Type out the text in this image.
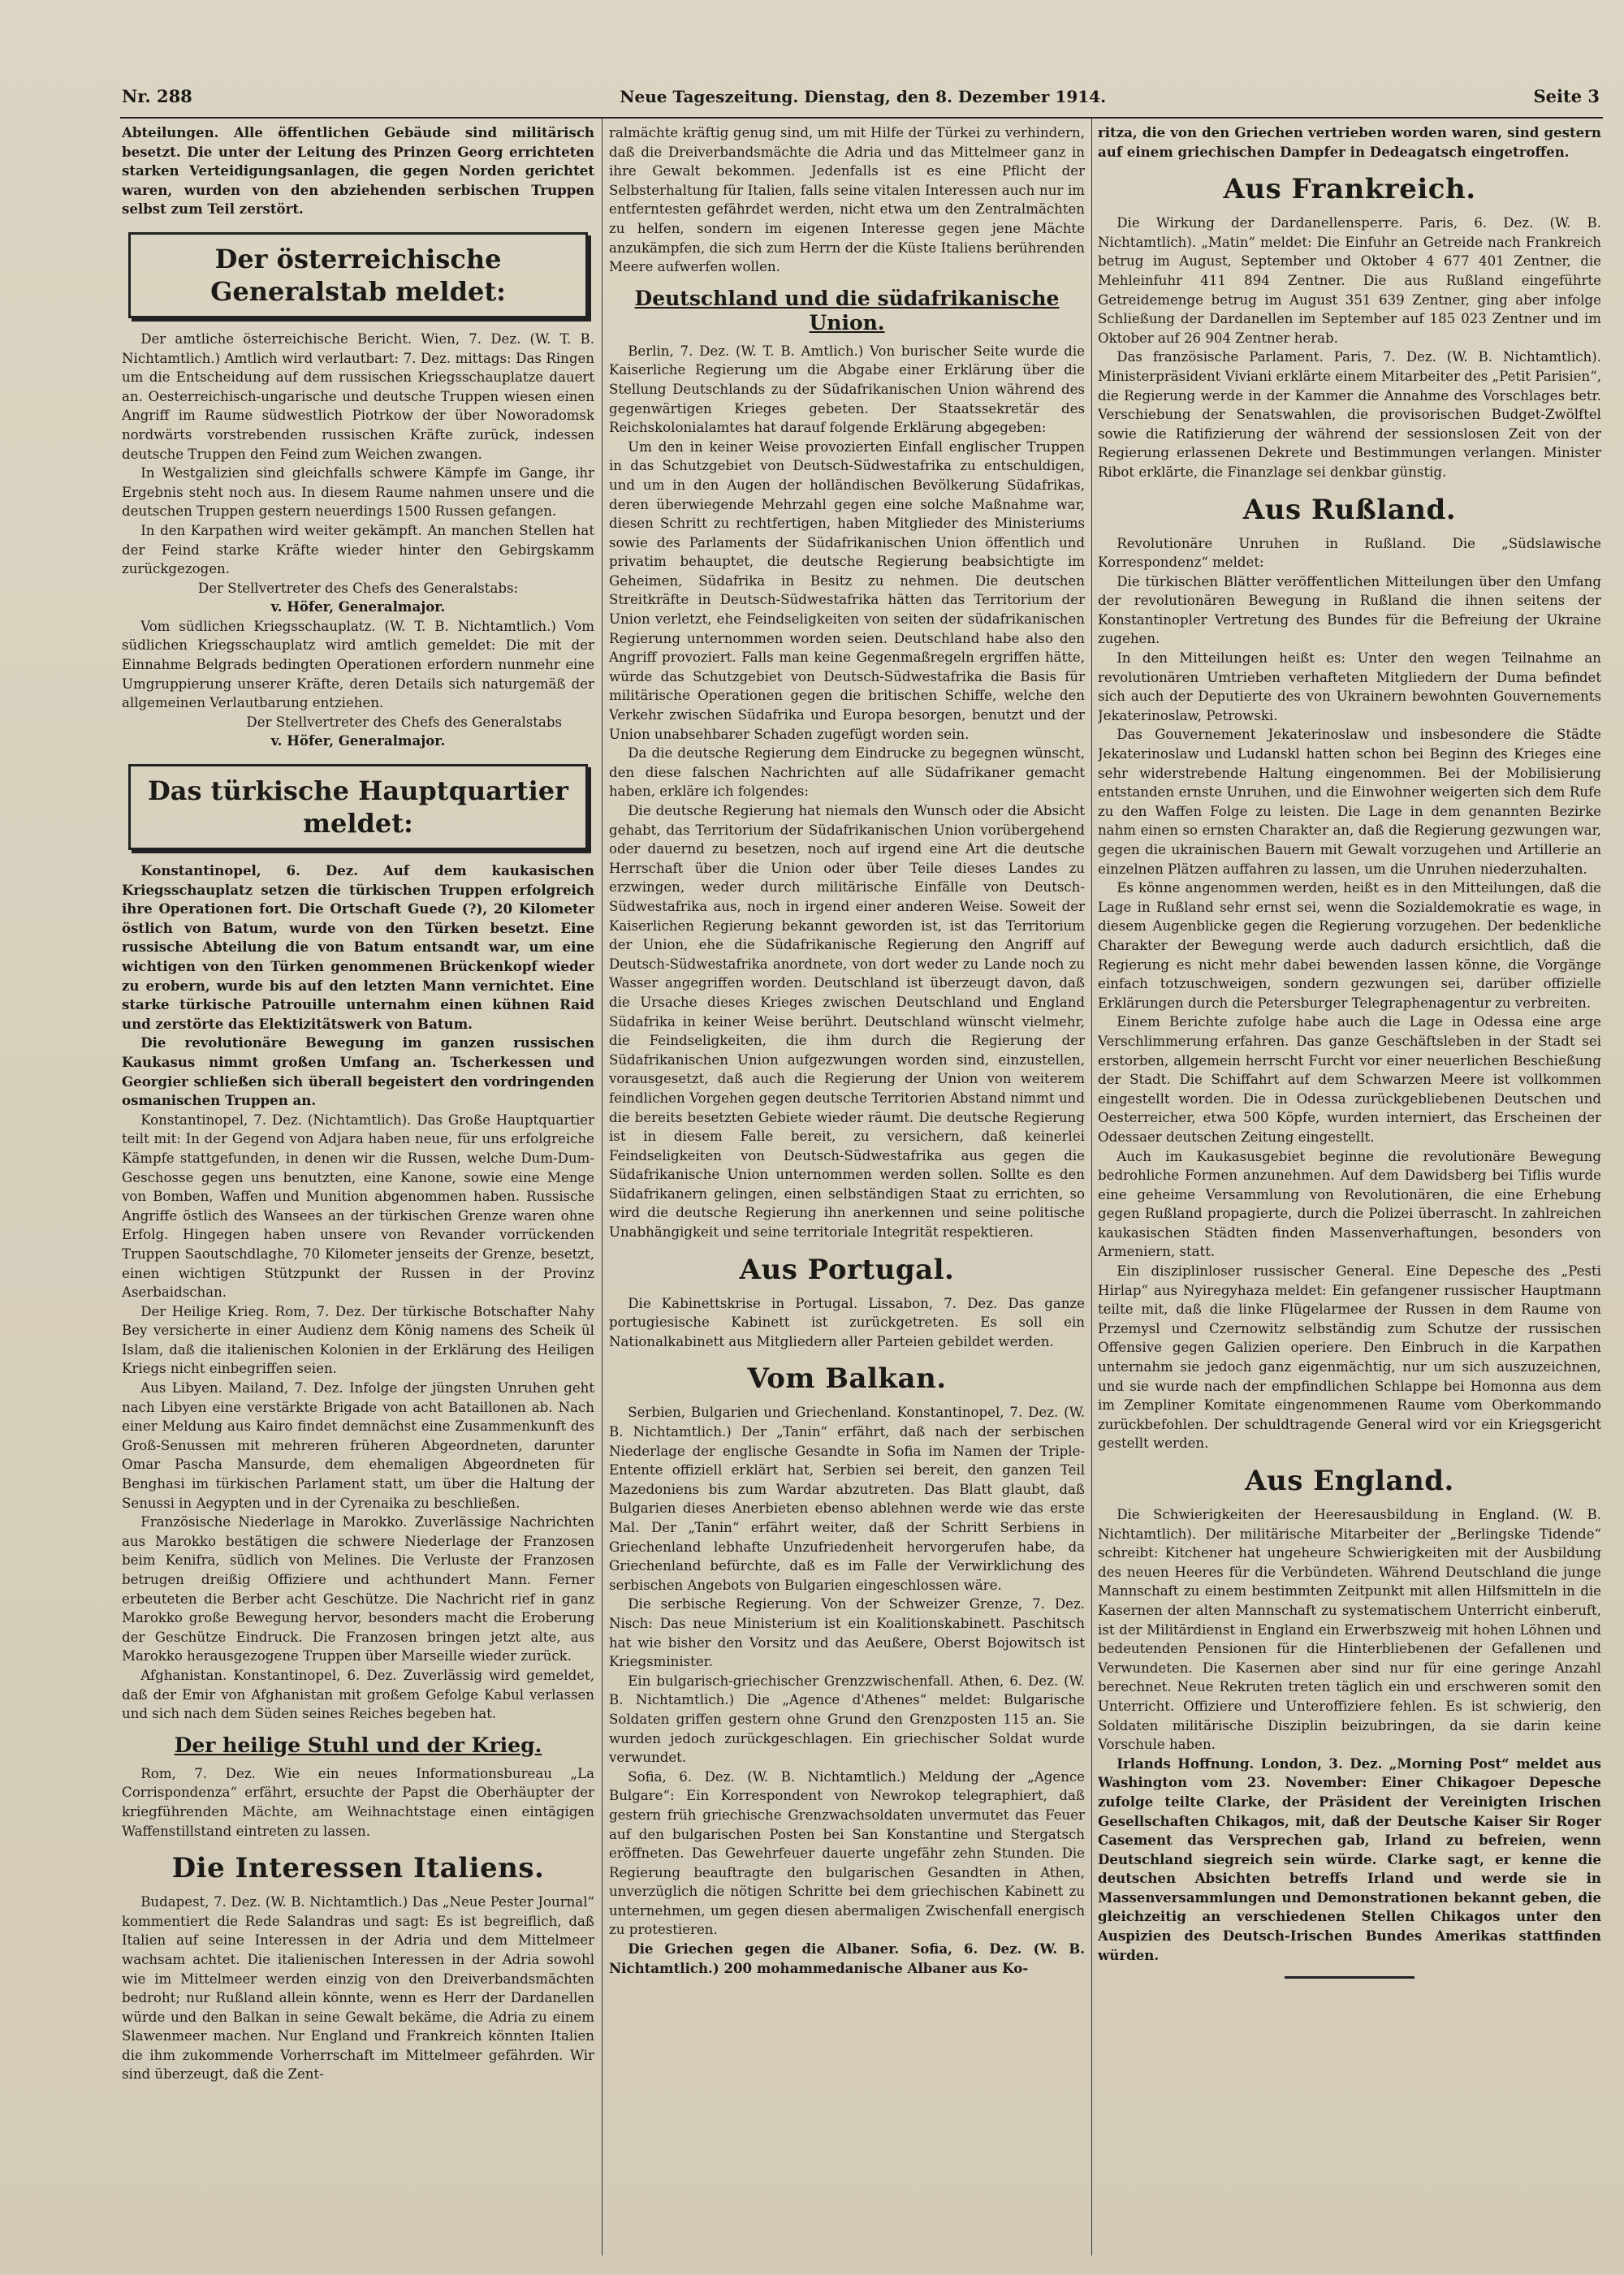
Nr. 288	Neue Tageszeitung. Dienstag, den 8. Dezember 1914.	Seite 3

Abteilungen. Alle öffentlichen Gebäude sind militärisch besetzt. Die unter der Leitung des Prinzen Georg errichteten starken Verteidigungsanlagen, die gegen Norden gerichtet waren, wurden von den abziehenden serbischen Truppen selbst zum Teil zerstört.

Der österreichische Generalstab meldet:

Der amtliche österreichische Bericht. Wien, 7. Dez. (W. T. B. Nichtamtlich.) Amtlich wird verlautbart: 7. Dez. mittags: Das Ringen um die Entscheidung auf dem russischen Kriegsschauplatze dauert an. Oesterreichisch-ungarische und deutsche Truppen wiesen einen Angriff im Raume südwestlich Piotrkow der über Noworadomsk nordwärts vorstrebenden russischen Kräfte zurück, indessen deutsche Truppen den Feind zum Weichen zwangen.

In Westgalizien sind gleichfalls schwere Kämpfe im Gange, ihr Ergebnis steht noch aus. In diesem Raume nahmen unsere und die deutschen Truppen gestern neuerdings 1500 Russen gefangen.

In den Karpathen wird weiter gekämpft. An manchen Stellen hat der Feind starke Kräfte wieder hinter den Gebirgskamm zurückgezogen.

Der Stellvertreter des Chefs des Generalstabs:

v. Höfer, Generalmajor.

Vom südlichen Kriegsschauplatz. (W. T. B. Nichtamtlich.) Vom südlichen Kriegsschauplatz wird amtlich gemeldet: Die mit der Einnahme Belgrads bedingten Operationen erfordern nunmehr eine Umgruppierung unserer Kräfte, deren Details sich naturgemäß der allgemeinen Verlautbarung entziehen.

Der Stellvertreter des Chefs des Generalstabs

v. Höfer, Generalmajor.

Das türkische Hauptquartier meldet:

Konstantinopel, 6. Dez. Auf dem kaukasischen Kriegsschauplatz setzen die türkischen Truppen erfolgreich ihre Operationen fort. Die Ortschaft Guede (?), 20 Kilometer östlich von Batum, wurde von den Türken besetzt. Eine russische Abteilung die von Batum entsandt war, um eine wichtigen von den Türken genommenen Brückenkopf wieder zu erobern, wurde bis auf den letzten Mann vernichtet. Eine starke türkische Patrouille unternahm einen kühnen Raid und zerstörte das Elektizitätswerk von Batum.

Die revolutionäre Bewegung im ganzen russischen Kaukasus nimmt großen Umfang an. Tscherkessen und Georgier schließen sich überall begeistert den vordringenden osmanischen Truppen an.

Konstantinopel, 7. Dez. (Nichtamtlich). Das Große Hauptquartier teilt mit: In der Gegend von Adjara haben neue, für uns erfolgreiche Kämpfe stattgefunden, in denen wir die Russen, welche Dum-Dum-Geschosse gegen uns benutzten, eine Kanone, sowie eine Menge von Bomben, Waffen und Munition abgenommen haben. Russische Angriffe östlich des Wansees an der türkischen Grenze waren ohne Erfolg. Hingegen haben unsere von Revander vorrückenden Truppen Saoutschdlaghe, 70 Kilometer jenseits der Grenze, besetzt, einen wichtigen Stützpunkt der Russen in der Provinz Aserbaidschan.

Der Heilige Krieg. Rom, 7. Dez. Der türkische Botschafter Nahy Bey versicherte in einer Audienz dem König namens des Scheik ül Islam, daß die italienischen Kolonien in der Erklärung des Heiligen Kriegs nicht einbegriffen seien.

Aus Libyen. Mailand, 7. Dez. Infolge der jüngsten Unruhen geht nach Libyen eine verstärkte Brigade von acht Bataillonen ab. Nach einer Meldung aus Kairo findet demnächst eine Zusammenkunft des Groß-Senussen mit mehreren früheren Abgeordneten, darunter Omar Pascha Mansurde, dem ehemaligen Abgeordneten für Benghasi im türkischen Parlament statt, um über die Haltung der Senussi in Aegypten und in der Cyrenaika zu beschließen.

Französische Niederlage in Marokko. Zuverlässige Nachrichten aus Marokko bestätigen die schwere Niederlage der Franzosen beim Kenifra, südlich von Melines. Die Verluste der Franzosen betrugen dreißig Offiziere und achthundert Mann. Ferner erbeuteten die Berber acht Geschütze. Die Nachricht rief in ganz Marokko große Bewegung hervor, besonders macht die Eroberung der Geschütze Eindruck. Die Franzosen bringen jetzt alte, aus Marokko herausgezogene Truppen über Marseille wieder zurück.

Afghanistan. Konstantinopel, 6. Dez. Zuverlässig wird gemeldet, daß der Emir von Afghanistan mit großem Gefolge Kabul verlassen und sich nach dem Süden seines Reiches begeben hat.

Der heilige Stuhl und der Krieg.

Rom, 7. Dez. Wie ein neues Informationsbureau „La Corrispondenza“ erfährt, ersuchte der Papst die Oberhäupter der kriegführenden Mächte, am Weihnachtstage einen eintägigen Waffenstillstand eintreten zu lassen.

Die Interessen Italiens.

Budapest, 7. Dez. (W. B. Nichtamtlich.) Das „Neue Pester Journal“ kommentiert die Rede Salandras und sagt: Es ist begreiflich, daß Italien auf seine Interessen in der Adria und dem Mittelmeer wachsam achtet. Die italienischen Interessen in der Adria sowohl wie im Mittelmeer werden einzig von den Dreiverbandsmächten bedroht; nur Rußland allein könnte, wenn es Herr der Dardanellen würde und den Balkan in seine Gewalt bekäme, die Adria zu einem Slawenmeer machen. Nur England und Frankreich könnten Italien die ihm zukommende Vorherrschaft im Mittelmeer gefährden. Wir sind überzeugt, daß die Zent-

ralmächte kräftig genug sind, um mit Hilfe der Türkei zu verhindern, daß die Dreiverbandsmächte die Adria und das Mittelmeer ganz in ihre Gewalt bekommen. Jedenfalls ist es eine Pflicht der Selbsterhaltung für Italien, falls seine vitalen Interessen auch nur im entferntesten gefährdet werden, nicht etwa um den Zentralmächten zu helfen, sondern im eigenen Interesse gegen jene Mächte anzukämpfen, die sich zum Herrn der die Küste Italiens berührenden Meere aufwerfen wollen.

Deutschland und die südafrikanische Union.

Berlin, 7. Dez. (W. T. B. Amtlich.) Von burischer Seite wurde die Kaiserliche Regierung um die Abgabe einer Erklärung über die Stellung Deutschlands zu der Südafrikanischen Union während des gegenwärtigen Krieges gebeten. Der Staatssekretär des Reichskolonialamtes hat darauf folgende Erklärung abgegeben:

Um den in keiner Weise provozierten Einfall englischer Truppen in das Schutzgebiet von Deutsch-Südwestafrika zu entschuldigen, und um in den Augen der holländischen Bevölkerung Südafrikas, deren überwiegende Mehrzahl gegen eine solche Maßnahme war, diesen Schritt zu rechtfertigen, haben Mitglieder des Ministeriums sowie des Parlaments der Südafrikanischen Union öffentlich und privatim behauptet, die deutsche Regierung beabsichtigte im Geheimen, Südafrika in Besitz zu nehmen. Die deutschen Streitkräfte in Deutsch-Südwestafrika hätten das Territorium der Union verletzt, ehe Feindseligkeiten von seiten der südafrikanischen Regierung unternommen worden seien. Deutschland habe also den Angriff provoziert. Falls man keine Gegenmaßregeln ergriffen hätte, würde das Schutzgebiet von Deutsch-Südwestafrika die Basis für militärische Operationen gegen die britischen Schiffe, welche den Verkehr zwischen Südafrika und Europa besorgen, benutzt und der Union unabsehbarer Schaden zugefügt worden sein.

Da die deutsche Regierung dem Eindrucke zu begegnen wünscht, den diese falschen Nachrichten auf alle Südafrikaner gemacht haben, erkläre ich folgendes:

Die deutsche Regierung hat niemals den Wunsch oder die Absicht gehabt, das Territorium der Südafrikanischen Union vorübergehend oder dauernd zu besetzen, noch auf irgend eine Art die deutsche Herrschaft über die Union oder über Teile dieses Landes zu erzwingen, weder durch militärische Einfälle von Deutsch-Südwestafrika aus, noch in irgend einer anderen Weise. Soweit der Kaiserlichen Regierung bekannt geworden ist, ist das Territorium der Union, ehe die Südafrikanische Regierung den Angriff auf Deutsch-Südwestafrika anordnete, von dort weder zu Lande noch zu Wasser angegriffen worden. Deutschland ist überzeugt davon, daß die Ursache dieses Krieges zwischen Deutschland und England Südafrika in keiner Weise berührt. Deutschland wünscht vielmehr, die Feindseligkeiten, die ihm durch die Regierung der Südafrikanischen Union aufgezwungen worden sind, einzustellen, vorausgesetzt, daß auch die Regierung der Union von weiterem feindlichen Vorgehen gegen deutsche Territorien Abstand nimmt und die bereits besetzten Gebiete wieder räumt. Die deutsche Regierung ist in diesem Falle bereit, zu versichern, daß keinerlei Feindseligkeiten von Deutsch-Südwestafrika aus gegen die Südafrikanische Union unternommen werden sollen. Sollte es den Südafrikanern gelingen, einen selbständigen Staat zu errichten, so wird die deutsche Regierung ihn anerkennen und seine politische Unabhängigkeit und seine territoriale Integrität respektieren.

Aus Portugal.

Die Kabinettskrise in Portugal. Lissabon, 7. Dez. Das ganze portugiesische Kabinett ist zurückgetreten. Es soll ein Nationalkabinett aus Mitgliedern aller Parteien gebildet werden.

Vom Balkan.

Serbien, Bulgarien und Griechenland. Konstantinopel, 7. Dez. (W. B. Nichtamtlich.) Der „Tanin“ erfährt, daß nach der serbischen Niederlage der englische Gesandte in Sofia im Namen der Triple-Entente offiziell erklärt hat, Serbien sei bereit, den ganzen Teil Mazedoniens bis zum Wardar abzutreten. Das Blatt glaubt, daß Bulgarien dieses Anerbieten ebenso ablehnen werde wie das erste Mal. Der „Tanin“ erfährt weiter, daß der Schritt Serbiens in Griechenland lebhafte Unzufriedenheit hervorgerufen habe, da Griechenland befürchte, daß es im Falle der Verwirklichung des serbischen Angebots von Bulgarien eingeschlossen wäre.

Die serbische Regierung. Von der Schweizer Grenze, 7. Dez. Nisch: Das neue Ministerium ist ein Koalitionskabinett. Paschitsch hat wie bisher den Vorsitz und das Aeußere, Oberst Bojowitsch ist Kriegsminister.

Ein bulgarisch-griechischer Grenzzwischenfall. Athen, 6. Dez. (W. B. Nichtamtlich.) Die „Agence d'Athenes“ meldet: Bulgarische Soldaten griffen gestern ohne Grund den Grenzposten 115 an. Sie wurden jedoch zurückgeschlagen. Ein griechischer Soldat wurde verwundet.

Sofia, 6. Dez. (W. B. Nichtamtlich.) Meldung der „Agence Bulgare“: Ein Korrespondent von Newrokop telegraphiert, daß gestern früh griechische Grenzwachsoldaten unvermutet das Feuer auf den bulgarischen Posten bei San Konstantine und Stergatsch eröffneten. Das Gewehrfeuer dauerte ungefähr zehn Stunden. Die Regierung beauftragte den bulgarischen Gesandten in Athen, unverzüglich die nötigen Schritte bei dem griechischen Kabinett zu unternehmen, um gegen diesen abermaligen Zwischenfall energisch zu protestieren.

Die Griechen gegen die Albaner. Sofia, 6. Dez. (W. B. Nichtamtlich.) 200 mohammedanische Albaner aus Ko-

ritza, die von den Griechen vertrieben worden waren, sind gestern auf einem griechischen Dampfer in Dedeagatsch eingetroffen.

Aus Frankreich.

Die Wirkung der Dardanellensperre. Paris, 6. Dez. (W. B. Nichtamtlich). „Matin“ meldet: Die Einfuhr an Getreide nach Frankreich betrug im August, September und Oktober 4 677 401 Zentner, die Mehleinfuhr 411 894 Zentner. Die aus Rußland eingeführte Getreidemenge betrug im August 351 639 Zentner, ging aber infolge Schließung der Dardanellen im September auf 185 023 Zentner und im Oktober auf 26 904 Zentner herab.

Das französische Parlament. Paris, 7. Dez. (W. B. Nichtamtlich). Ministerpräsident Viviani erklärte einem Mitarbeiter des „Petit Parisien“, die Regierung werde in der Kammer die Annahme des Vorschlages betr. Verschiebung der Senatswahlen, die provisorischen Budget-Zwölftel sowie die Ratifizierung der während der sessionslosen Zeit von der Regierung erlassenen Dekrete und Bestimmungen verlangen. Minister Ribot erklärte, die Finanzlage sei denkbar günstig.

Aus Rußland.

Revolutionäre Unruhen in Rußland. Die „Südslawische Korrespondenz“ meldet:

Die türkischen Blätter veröffentlichen Mitteilungen über den Umfang der revolutionären Bewegung in Rußland die ihnen seitens der Konstantinopler Vertretung des Bundes für die Befreiung der Ukraine zugehen.

In den Mitteilungen heißt es: Unter den wegen Teilnahme an revolutionären Umtrieben verhafteten Mitgliedern der Duma befindet sich auch der Deputierte des von Ukrainern bewohnten Gouvernements Jekaterinoslaw, Petrowski.

Das Gouvernement Jekaterinoslaw und insbesondere die Städte Jekaterinoslaw und Ludanskl hatten schon bei Beginn des Krieges eine sehr widerstrebende Haltung eingenommen. Bei der Mobilisierung entstanden ernste Unruhen, und die Einwohner weigerten sich dem Rufe zu den Waffen Folge zu leisten. Die Lage in dem genannten Bezirke nahm einen so ernsten Charakter an, daß die Regierung gezwungen war, gegen die ukrainischen Bauern mit Gewalt vorzugehen und Artillerie an einzelnen Plätzen auffahren zu lassen, um die Unruhen niederzuhalten.

Es könne angenommen werden, heißt es in den Mitteilungen, daß die Lage in Rußland sehr ernst sei, wenn die Sozialdemokratie es wage, in diesem Augenblicke gegen die Regierung vorzugehen. Der bedenkliche Charakter der Bewegung werde auch dadurch ersichtlich, daß die Regierung es nicht mehr dabei bewenden lassen könne, die Vorgänge einfach totzuschweigen, sondern gezwungen sei, darüber offizielle Erklärungen durch die Petersburger Telegraphenagentur zu verbreiten.

Einem Berichte zufolge habe auch die Lage in Odessa eine arge Verschlimmerung erfahren. Das ganze Geschäftsleben in der Stadt sei erstorben, allgemein herrscht Furcht vor einer neuerlichen Beschießung der Stadt. Die Schiffahrt auf dem Schwarzen Meere ist vollkommen eingestellt worden. Die in Odessa zurückgebliebenen Deutschen und Oesterreicher, etwa 500 Köpfe, wurden interniert, das Erscheinen der Odessaer deutschen Zeitung eingestellt.

Auch im Kaukasusgebiet beginne die revolutionäre Bewegung bedrohliche Formen anzunehmen. Auf dem Dawidsberg bei Tiflis wurde eine geheime Versammlung von Revolutionären, die eine Erhebung gegen Rußland propagierte, durch die Polizei überrascht. In zahlreichen kaukasischen Städten finden Massenverhaftungen, besonders von Armeniern, statt.

Ein disziplinloser russischer General. Eine Depesche des „Pesti Hirlap“ aus Nyiregyhaza meldet: Ein gefangener russischer Hauptmann teilte mit, daß die linke Flügelarmee der Russen in dem Raume von Przemysl und Czernowitz selbständig zum Schutze der russischen Offensive gegen Galizien operiere. Den Einbruch in die Karpathen unternahm sie jedoch ganz eigenmächtig, nur um sich auszuzeichnen, und sie wurde nach der empfindlichen Schlappe bei Homonna aus dem im Zempliner Komitate eingenommenen Raume vom Oberkommando zurückbefohlen. Der schuldtragende General wird vor ein Kriegsgericht gestellt werden.

Aus England.

Die Schwierigkeiten der Heeresausbildung in England. (W. B. Nichtamtlich). Der militärische Mitarbeiter der „Berlingske Tidende“ schreibt: Kitchener hat ungeheure Schwierigkeiten mit der Ausbildung des neuen Heeres für die Verbündeten. Während Deutschland die junge Mannschaft zu einem bestimmten Zeitpunkt mit allen Hilfsmitteln in die Kasernen der alten Mannschaft zu systematischem Unterricht einberuft, ist der Militärdienst in England ein Erwerbszweig mit hohen Löhnen und bedeutenden Pensionen für die Hinterbliebenen der Gefallenen und Verwundeten. Die Kasernen aber sind nur für eine geringe Anzahl berechnet. Neue Rekruten treten täglich ein und erschweren somit den Unterricht. Offiziere und Unteroffiziere fehlen. Es ist schwierig, den Soldaten militärische Disziplin beizubringen, da sie darin keine Vorschule haben.

Irlands Hoffnung. London, 3. Dez. „Morning Post“ meldet aus Washington vom 23. November: Einer Chikagoer Depesche zufolge teilte Clarke, der Präsident der Vereinigten Irischen Gesellschaften Chikagos, mit, daß der Deutsche Kaiser Sir Roger Casement das Versprechen gab, Irland zu befreien, wenn Deutschland siegreich sein würde. Clarke sagt, er kenne die deutschen Absichten betreffs Irland und werde sie in Massenversammlungen und Demonstrationen bekannt geben, die gleichzeitig an verschiedenen Stellen Chikagos unter den Auspizien des Deutsch-Irischen Bundes Amerikas stattfinden würden.
